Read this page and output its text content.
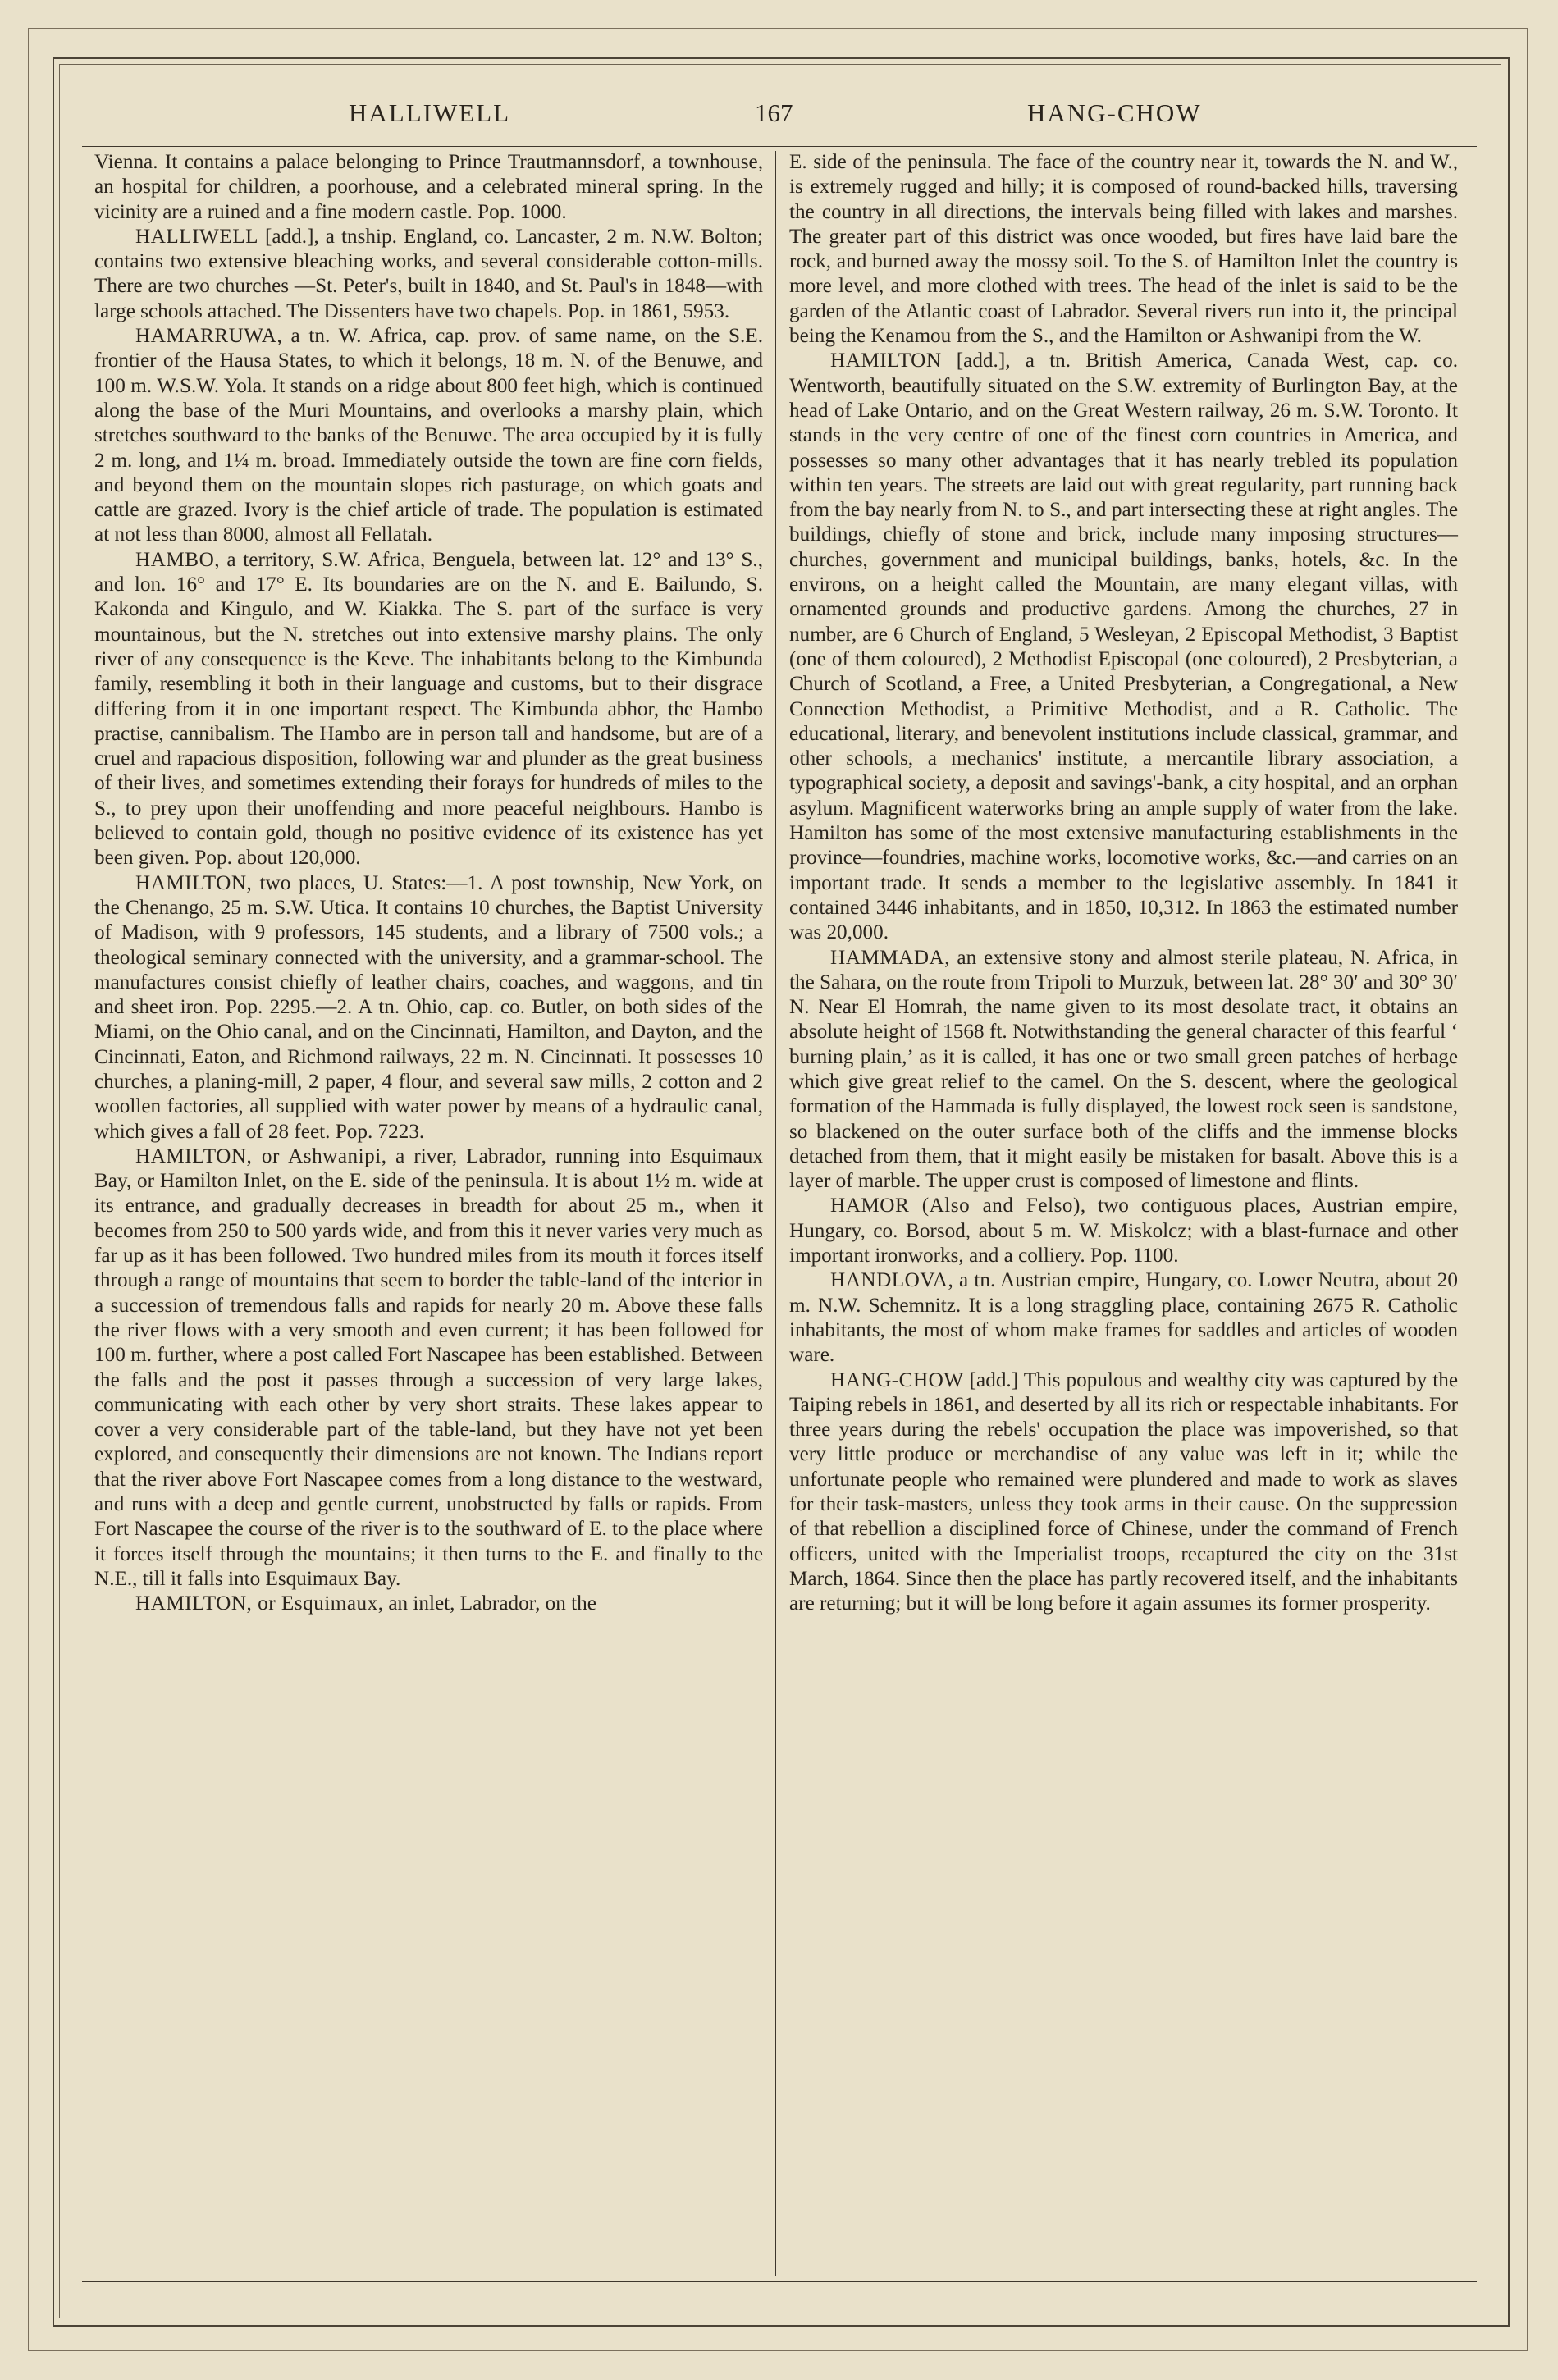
HALLIWELL	167	HANG-CHOW

Vienna. It contains a palace belonging to Prince Trautmannsdorf, a townhouse, an hospital for children, a poorhouse, and a celebrated mineral spring. In the vicinity are a ruined and a fine modern castle. Pop. 1000.

HALLIWELL [add.], a tnship. England, co. Lancaster, 2 m. N.W. Bolton; contains two extensive bleaching works, and several considerable cotton-mills. There are two churches —St. Peter's, built in 1840, and St. Paul's in 1848—with large schools attached. The Dissenters have two chapels. Pop. in 1861, 5953.

HAMARRUWA, a tn. W. Africa, cap. prov. of same name, on the S.E. frontier of the Hausa States, to which it belongs, 18 m. N. of the Benuwe, and 100 m. W.S.W. Yola. It stands on a ridge about 800 feet high, which is continued along the base of the Muri Mountains, and overlooks a marshy plain, which stretches southward to the banks of the Benuwe. The area occupied by it is fully 2 m. long, and 1¼ m. broad. Immediately outside the town are fine corn fields, and beyond them on the mountain slopes rich pasturage, on which goats and cattle are grazed. Ivory is the chief article of trade. The population is estimated at not less than 8000, almost all Fellatah.

HAMBO, a territory, S.W. Africa, Benguela, between lat. 12° and 13° S., and lon. 16° and 17° E. Its boundaries are on the N. and E. Bailundo, S. Kakonda and Kingulo, and W. Kiakka. The S. part of the surface is very mountainous, but the N. stretches out into extensive marshy plains. The only river of any consequence is the Keve. The inhabitants belong to the Kimbunda family, resembling it both in their language and customs, but to their disgrace differing from it in one important respect. The Kimbunda abhor, the Hambo practise, cannibalism. The Hambo are in person tall and handsome, but are of a cruel and rapacious disposition, following war and plunder as the great business of their lives, and sometimes extending their forays for hundreds of miles to the S., to prey upon their unoffending and more peaceful neighbours. Hambo is believed to contain gold, though no positive evidence of its existence has yet been given. Pop. about 120,000.

HAMILTON, two places, U. States:—1. A post township, New York, on the Chenango, 25 m. S.W. Utica. It contains 10 churches, the Baptist University of Madison, with 9 professors, 145 students, and a library of 7500 vols.; a theological seminary connected with the university, and a grammar-school. The manufactures consist chiefly of leather chairs, coaches, and waggons, and tin and sheet iron. Pop. 2295.—2. A tn. Ohio, cap. co. Butler, on both sides of the Miami, on the Ohio canal, and on the Cincinnati, Hamilton, and Dayton, and the Cincinnati, Eaton, and Richmond railways, 22 m. N. Cincinnati. It possesses 10 churches, a planing-mill, 2 paper, 4 flour, and several saw mills, 2 cotton and 2 woollen factories, all supplied with water power by means of a hydraulic canal, which gives a fall of 28 feet. Pop. 7223.

HAMILTON, or Ashwanipi, a river, Labrador, running into Esquimaux Bay, or Hamilton Inlet, on the E. side of the peninsula. It is about 1½ m. wide at its entrance, and gradually decreases in breadth for about 25 m., when it becomes from 250 to 500 yards wide, and from this it never varies very much as far up as it has been followed. Two hundred miles from its mouth it forces itself through a range of mountains that seem to border the table-land of the interior in a succession of tremendous falls and rapids for nearly 20 m. Above these falls the river flows with a very smooth and even current; it has been followed for 100 m. further, where a post called Fort Nascapee has been established. Between the falls and the post it passes through a succession of very large lakes, communicating with each other by very short straits. These lakes appear to cover a very considerable part of the table-land, but they have not yet been explored, and consequently their dimensions are not known. The Indians report that the river above Fort Nascapee comes from a long distance to the westward, and runs with a deep and gentle current, unobstructed by falls or rapids. From Fort Nascapee the course of the river is to the southward of E. to the place where it forces itself through the mountains; it then turns to the E. and finally to the N.E., till it falls into Esquimaux Bay.

HAMILTON, or Esquimaux, an inlet, Labrador, on the

E. side of the peninsula. The face of the country near it, towards the N. and W., is extremely rugged and hilly; it is composed of round-backed hills, traversing the country in all directions, the intervals being filled with lakes and marshes. The greater part of this district was once wooded, but fires have laid bare the rock, and burned away the mossy soil. To the S. of Hamilton Inlet the country is more level, and more clothed with trees. The head of the inlet is said to be the garden of the Atlantic coast of Labrador. Several rivers run into it, the principal being the Kenamou from the S., and the Hamilton or Ashwanipi from the W.

HAMILTON [add.], a tn. British America, Canada West, cap. co. Wentworth, beautifully situated on the S.W. extremity of Burlington Bay, at the head of Lake Ontario, and on the Great Western railway, 26 m. S.W. Toronto. It stands in the very centre of one of the finest corn countries in America, and possesses so many other advantages that it has nearly trebled its population within ten years. The streets are laid out with great regularity, part running back from the bay nearly from N. to S., and part intersecting these at right angles. The buildings, chiefly of stone and brick, include many imposing structures—churches, government and municipal buildings, banks, hotels, &c. In the environs, on a height called the Mountain, are many elegant villas, with ornamented grounds and productive gardens. Among the churches, 27 in number, are 6 Church of England, 5 Wesleyan, 2 Episcopal Methodist, 3 Baptist (one of them coloured), 2 Methodist Episcopal (one coloured), 2 Presbyterian, a Church of Scotland, a Free, a United Presbyterian, a Congregational, a New Connection Methodist, a Primitive Methodist, and a R. Catholic. The educational, literary, and benevolent institutions include classical, grammar, and other schools, a mechanics' institute, a mercantile library association, a typographical society, a deposit and savings'-bank, a city hospital, and an orphan asylum. Magnificent waterworks bring an ample supply of water from the lake. Hamilton has some of the most extensive manufacturing establishments in the province—foundries, machine works, locomotive works, &c.—and carries on an important trade. It sends a member to the legislative assembly. In 1841 it contained 3446 inhabitants, and in 1850, 10,312. In 1863 the estimated number was 20,000.

HAMMADA, an extensive stony and almost sterile plateau, N. Africa, in the Sahara, on the route from Tripoli to Murzuk, between lat. 28° 30′ and 30° 30′ N. Near El Homrah, the name given to its most desolate tract, it obtains an absolute height of 1568 ft. Notwithstanding the general character of this fearful ‘ burning plain,’ as it is called, it has one or two small green patches of herbage which give great relief to the camel. On the S. descent, where the geological formation of the Hammada is fully displayed, the lowest rock seen is sandstone, so blackened on the outer surface both of the cliffs and the immense blocks detached from them, that it might easily be mistaken for basalt. Above this is a layer of marble. The upper crust is composed of limestone and flints.

HAMOR (Also and Felso), two contiguous places, Austrian empire, Hungary, co. Borsod, about 5 m. W. Miskolcz; with a blast-furnace and other important ironworks, and a colliery. Pop. 1100.

HANDLOVA, a tn. Austrian empire, Hungary, co. Lower Neutra, about 20 m. N.W. Schemnitz. It is a long straggling place, containing 2675 R. Catholic inhabitants, the most of whom make frames for saddles and articles of wooden ware.

HANG-CHOW [add.] This populous and wealthy city was captured by the Taiping rebels in 1861, and deserted by all its rich or respectable inhabitants. For three years during the rebels' occupation the place was impoverished, so that very little produce or merchandise of any value was left in it; while the unfortunate people who remained were plundered and made to work as slaves for their task-masters, unless they took arms in their cause. On the suppression of that rebellion a disciplined force of Chinese, under the command of French officers, united with the Imperialist troops, recaptured the city on the 31st March, 1864. Since then the place has partly recovered itself, and the inhabitants are returning; but it will be long before it again assumes its former prosperity.
